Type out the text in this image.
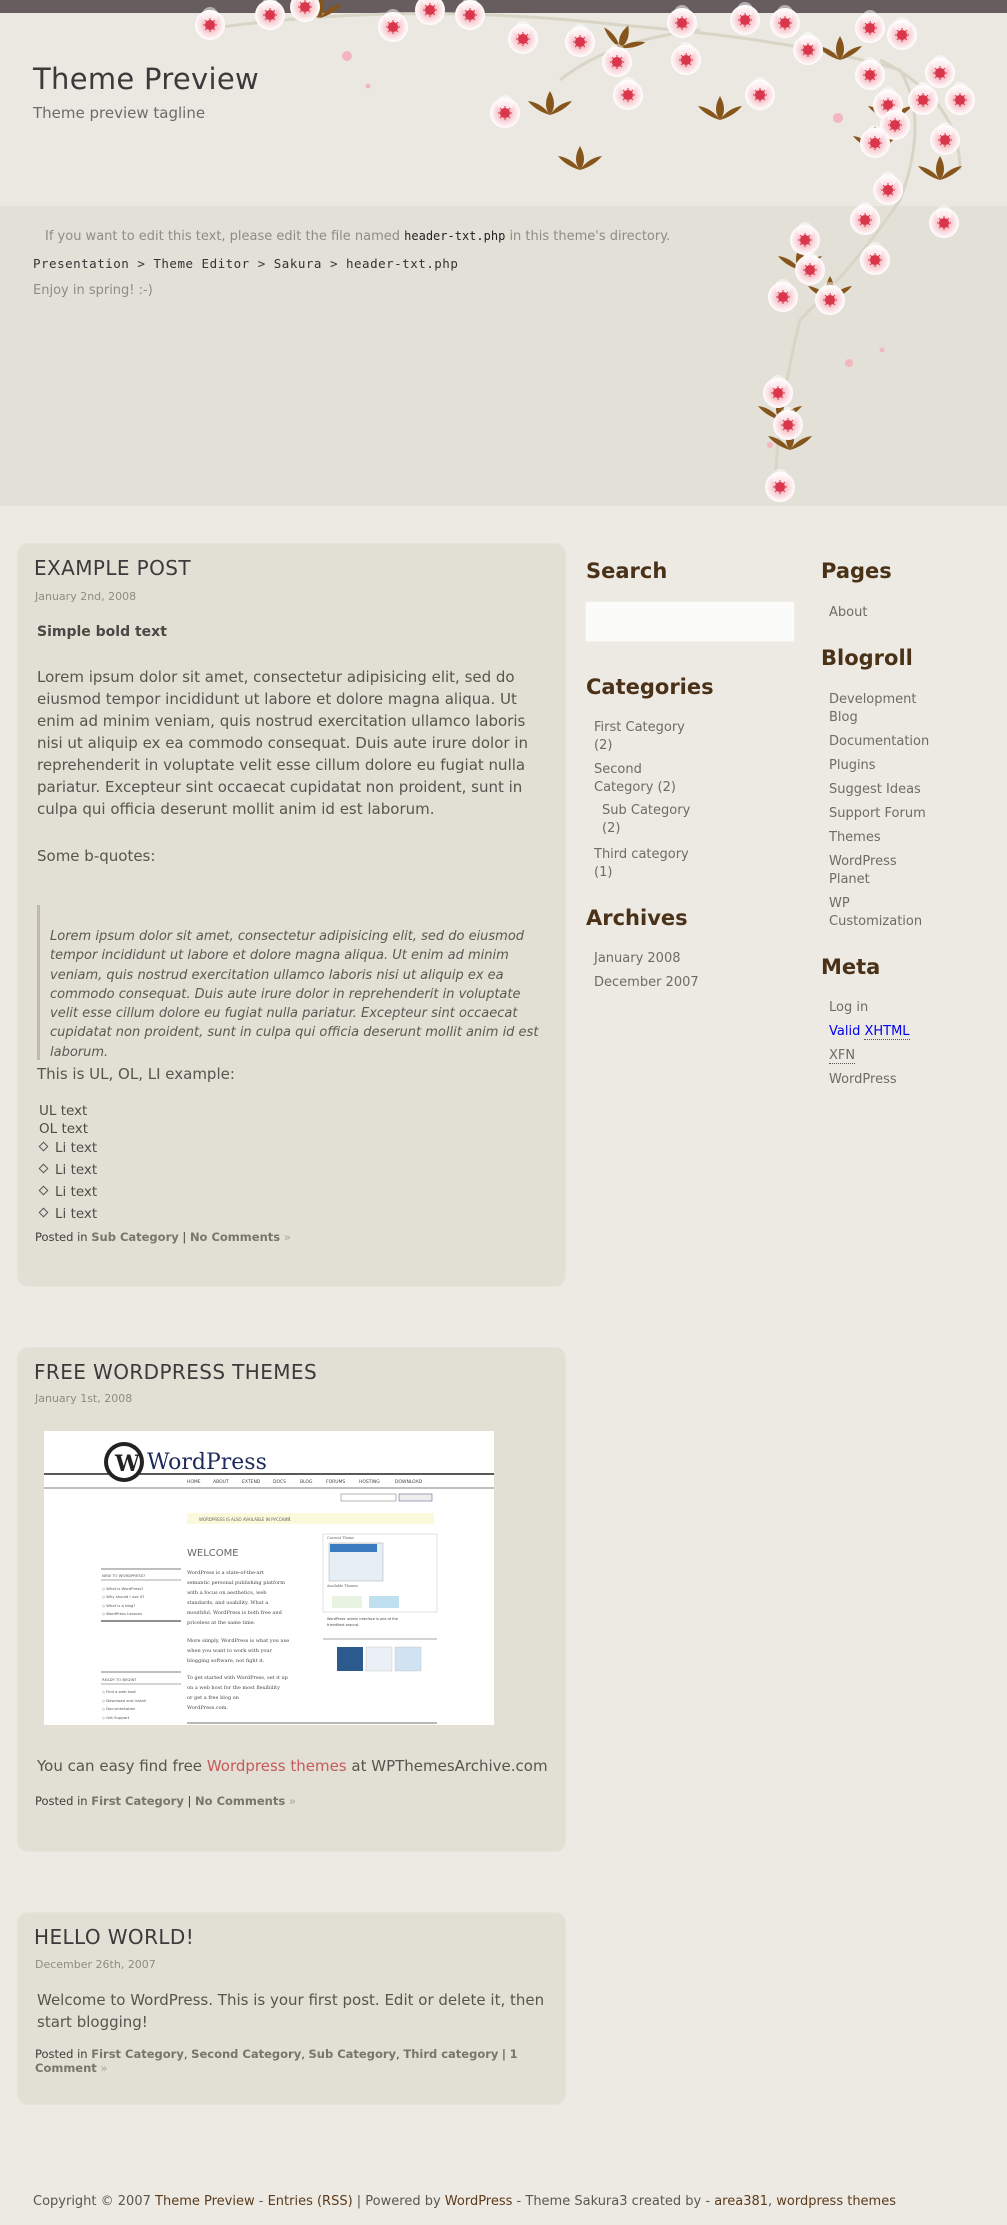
Theme Preview
Theme preview tagline
If you want to edit this text, please edit the file named header-txt.php in this theme's directory.
Presentation > Theme Editor > Sakura > header-txt.php
Enjoy in spring! :-)
EXAMPLE POST
January 2nd, 2008
Simple bold text
Lorem ipsum dolor sit amet, consectetur adipisicing elit, sed do eiusmod tempor incididunt ut labore et dolore magna aliqua. Ut enim ad minim veniam, quis nostrud exercitation ullamco laboris nisi ut aliquip ex ea commodo consequat. Duis aute irure dolor in reprehenderit in voluptate velit esse cillum dolore eu fugiat nulla pariatur. Excepteur sint occaecat cupidatat non proident, sunt in culpa qui officia deserunt mollit anim id est laborum.
Some b-quotes:

Lorem ipsum dolor sit amet, consectetur adipisicing elit, sed do eiusmod tempor incididunt ut labore et dolore magna aliqua. Ut enim ad minim veniam, quis nostrud exercitation ullamco laboris nisi ut aliquip ex ea commodo consequat. Duis aute irure dolor in reprehenderit in voluptate velit esse cillum dolore eu fugiat nulla pariatur. Excepteur sint occaecat cupidatat non proident, sunt in culpa qui officia deserunt mollit anim id est laborum.

This is UL, OL, LI example:
UL text
OL text
Li text
Li text
Li text
Li text
Posted in Sub Category | No Comments »
FREE WORDPRESS THEMES
January 1st, 2008
W WordPress
HOME	ABOUT	EXTEND	DOCS	BLOG	FORUMS	HOSTING	DOWNLOAD
WORDPRESS IS ALSO AVAILABLE IN РУССКИЙ.
WELCOME
WordPress is a state-of-the-art
semantic personal publishing platform
with a focus on aesthetics, web
standards, and usability. What a
mouthful. WordPress is both free and
priceless at the same time.
More simply, WordPress is what you use
when you want to work with your
blogging software, not fight it.
To get started with WordPress, set it up
on a web host for the most flexibility
or get a free blog on
WordPress.com.
NEW TO WORDPRESS?
◇ What is WordPress?
◇ Why should I use it?
◇ What is a blog?
◇ WordPress Lessons
READY TO BEGIN?
◇ Find a web host
◇ Download and Install
◇ Documentation
◇ Get Support
Current Theme
Available Themes
WordPress' admin interface is one of the
friendliest around.
You can easy find free Wordpress themes at WPThemesArchive.com
Posted in First Category | No Comments »
HELLO WORLD!
December 26th, 2007
Welcome to WordPress. This is your first post. Edit or delete it, then start blogging!
Posted in First Category, Second Category, Sub Category, Third category | 1 Comment »
Search
Categories
First Category (2)
Second Category (2)
Sub Category (2)
Third category (1)
Archives
January 2008
December 2007
Pages
About
Blogroll
Development Blog
Documentation
Plugins
Suggest Ideas
Support Forum
Themes
WordPress Planet
WP Customization
Meta
Log in
Valid XHTML
XFN
WordPress
Copyright © 2007 Theme Preview - Entries (RSS) | Powered by WordPress - Theme Sakura3 created by - area381, wordpress themes
